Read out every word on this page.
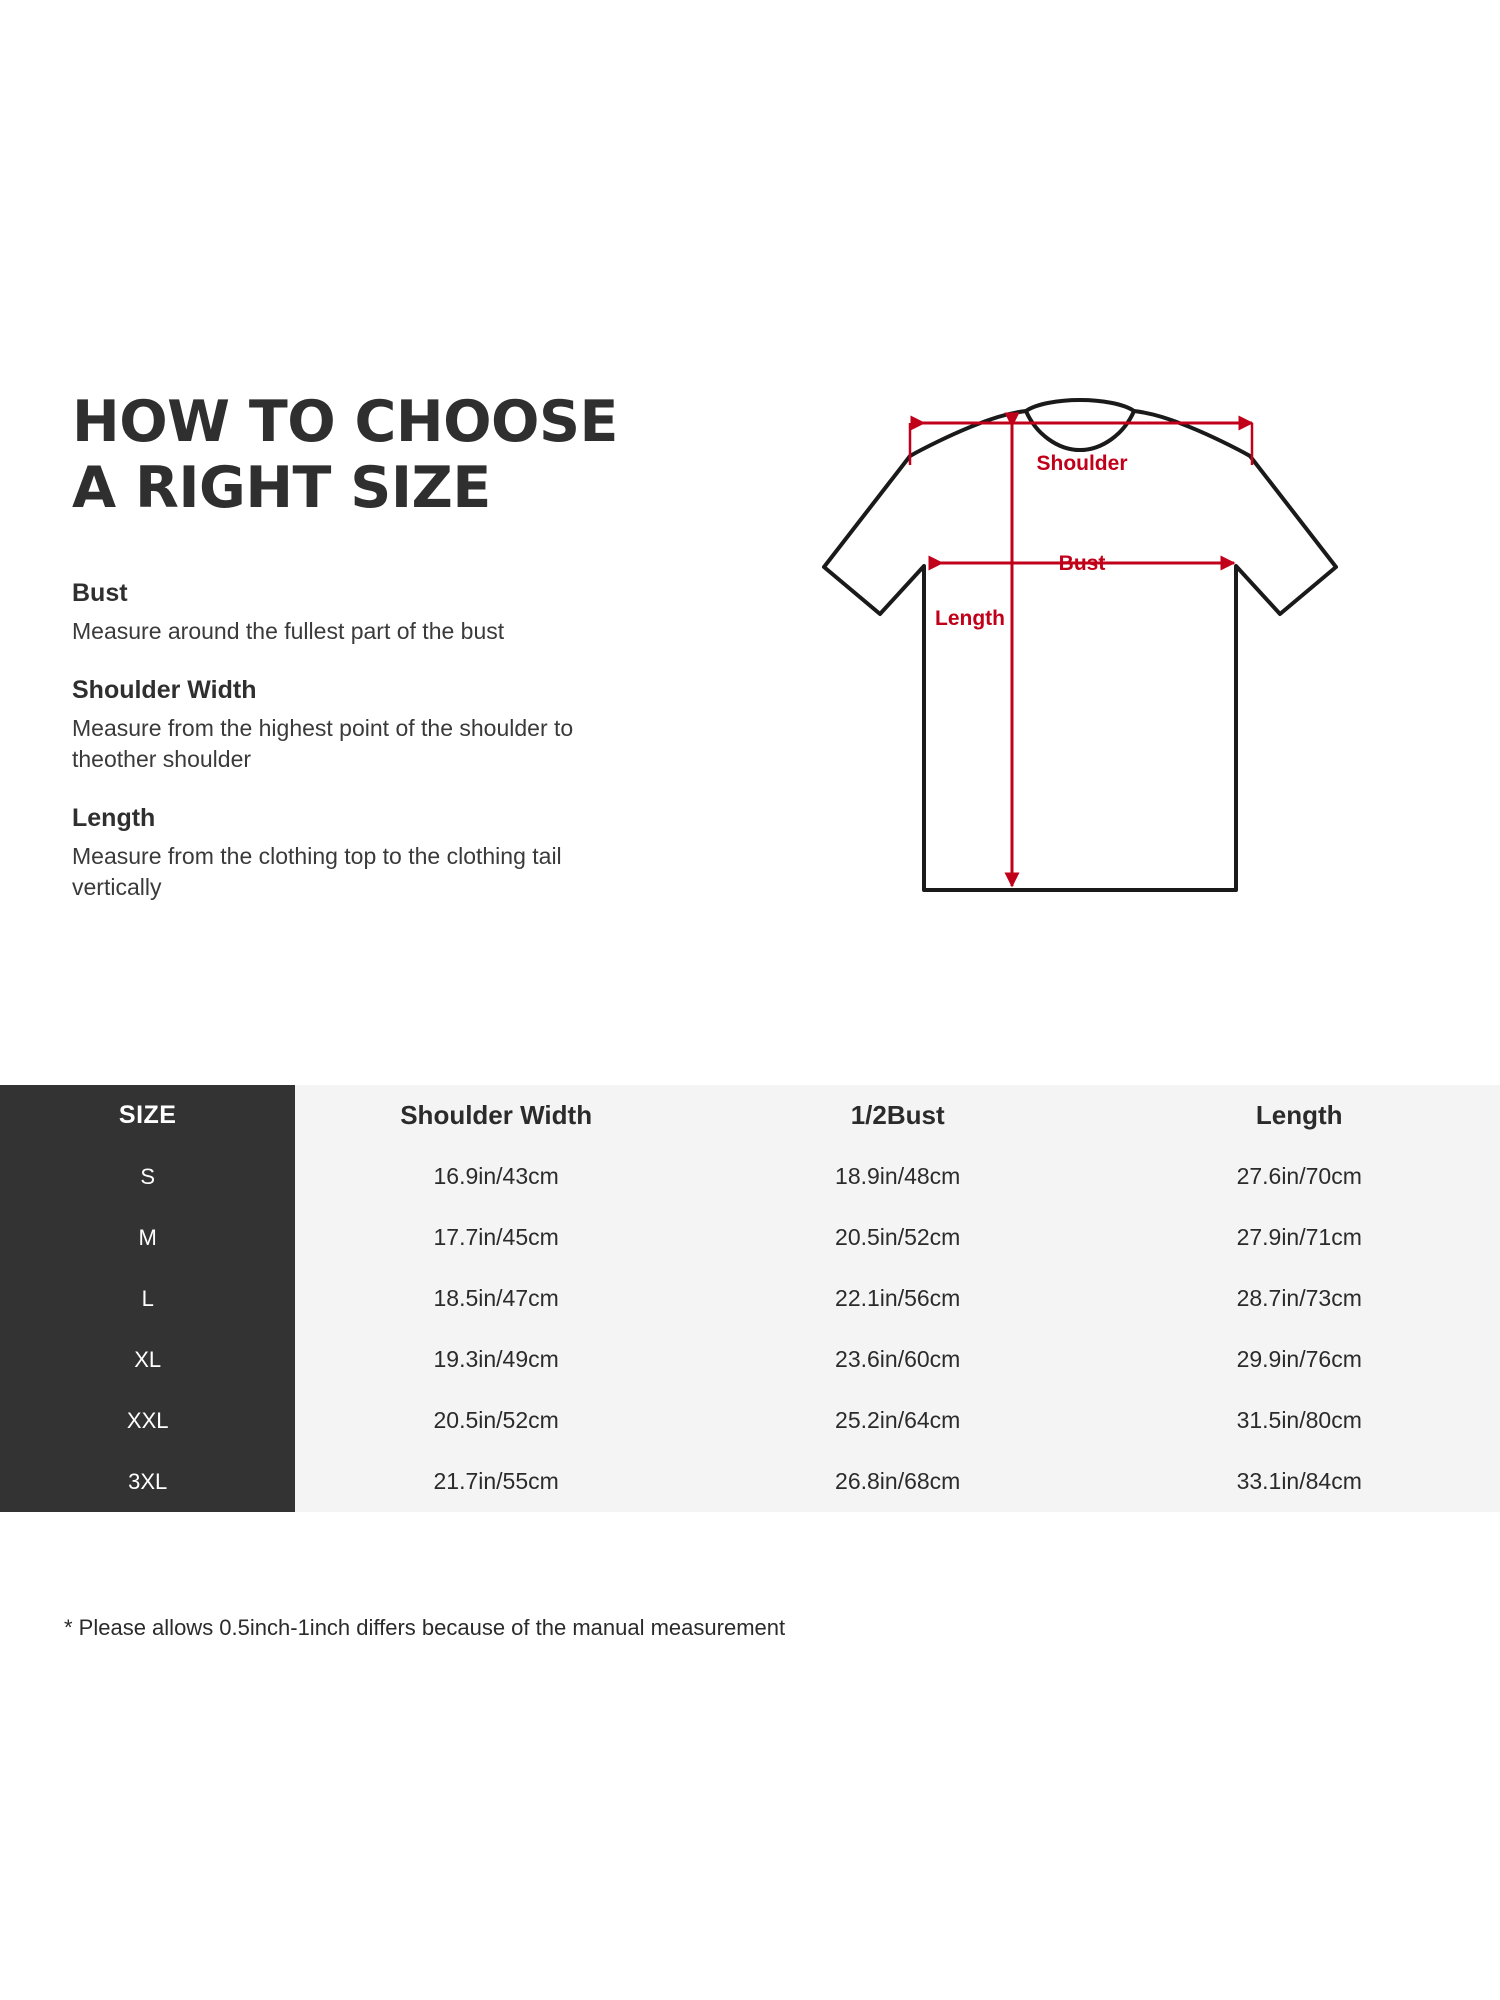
HOW TO CHOOSE
A RIGHT SIZE
Bust
Measure around the fullest part of the bust
Shoulder Width
Measure from the highest point of the shoulder to theother shoulder
Length
Measure from the clothing top to the clothing tail vertically
Shoulder
Bust
Length
SIZE	Shoulder Width	1/2Bust	Length
S	16.9in/43cm	18.9in/48cm	27.6in/70cm
M	17.7in/45cm	20.5in/52cm	27.9in/71cm
L	18.5in/47cm	22.1in/56cm	28.7in/73cm
XL	19.3in/49cm	23.6in/60cm	29.9in/76cm
XXL	20.5in/52cm	25.2in/64cm	31.5in/80cm
3XL	21.7in/55cm	26.8in/68cm	33.1in/84cm
* Please allows 0.5inch-1inch differs because of the manual measurement
